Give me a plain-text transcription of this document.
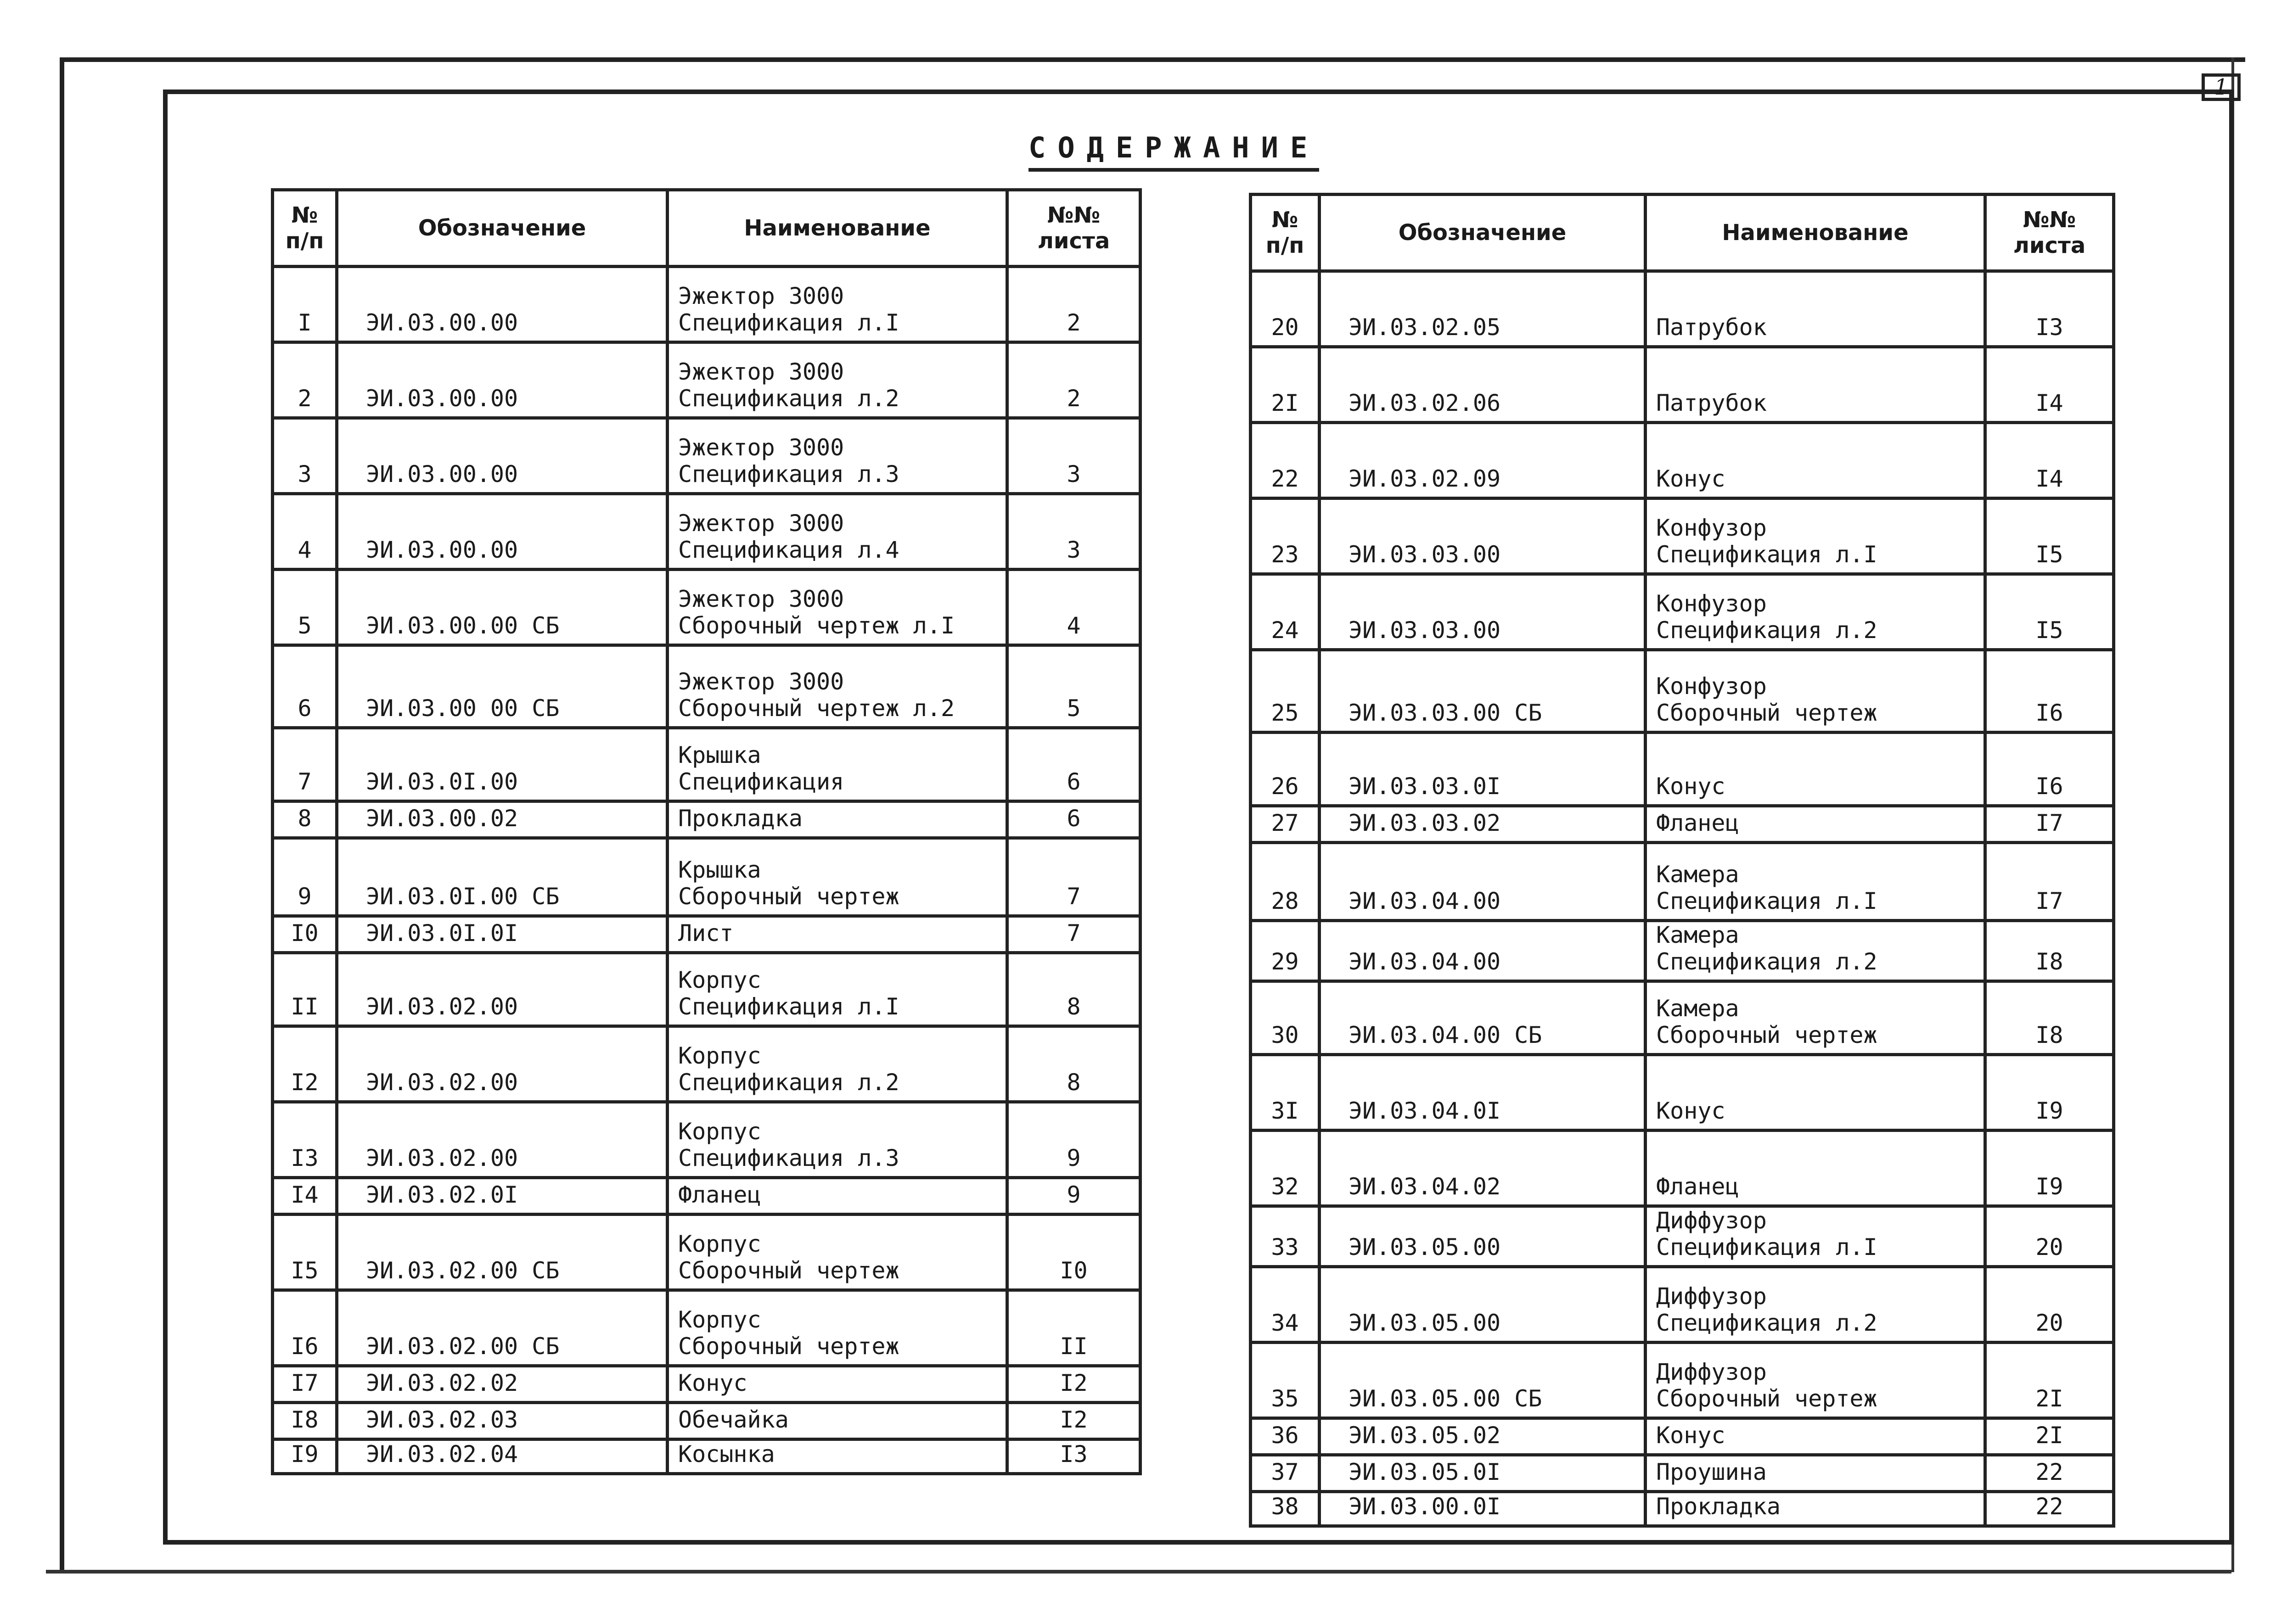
1
СОДЕРЖАНИЕ
№ п/п	Обозначение	Наименование	№№ листа
I	ЭИ.03.00.00	Эжектор 3000
Спецификация л.I	2
2	ЭИ.03.00.00	Эжектор 3000
Спецификация л.2	2
3	ЭИ.03.00.00	Эжектор 3000
Спецификация л.3	3
4	ЭИ.03.00.00	Эжектор 3000
Спецификация л.4	3
5	ЭИ.03.00.00 СБ	Эжектор 3000
Сборочный чертеж л.I	4
6	ЭИ.03.00 00 СБ	Эжектор 3000
Сборочный чертеж л.2	5
7	ЭИ.03.0I.00	Крышка
Спецификация	6
8	ЭИ.03.00.02	Прокладка	6
9	ЭИ.03.0I.00 СБ	Крышка
Сборочный чертеж	7
I0	ЭИ.03.0I.0I	Лист	7
II	ЭИ.03.02.00	Корпус
Спецификация л.I	8
I2	ЭИ.03.02.00	Корпус
Спецификация л.2	8
I3	ЭИ.03.02.00	Корпус
Спецификация л.3	9
I4	ЭИ.03.02.0I	Фланец	9
I5	ЭИ.03.02.00 СБ	Корпус
Сборочный чертеж	I0
I6	ЭИ.03.02.00 СБ	Корпус
Сборочный чертеж	II
I7	ЭИ.03.02.02	Конус	I2
I8	ЭИ.03.02.03	Обечайка	I2
I9	ЭИ.03.02.04	Косынка	I3
№ п/п	Обозначение	Наименование	№№ листа
20	ЭИ.03.02.05	Патрубок	I3
2I	ЭИ.03.02.06	Патрубок	I4
22	ЭИ.03.02.09	Конус	I4
23	ЭИ.03.03.00	Конфузор
Спецификация л.I	I5
24	ЭИ.03.03.00	Конфузор
Спецификация л.2	I5
25	ЭИ.03.03.00 СБ	Конфузор
Сборочный чертеж	I6
26	ЭИ.03.03.0I	Конус	I6
27	ЭИ.03.03.02	Фланец	I7
28	ЭИ.03.04.00	Камера
Спецификация л.I	I7
29	ЭИ.03.04.00	Камера
Спецификация л.2	I8
30	ЭИ.03.04.00 СБ	Камера
Сборочный чертеж	I8
3I	ЭИ.03.04.0I	Конус	I9
32	ЭИ.03.04.02	Фланец	I9
33	ЭИ.03.05.00	Диффузор
Спецификация л.I	20
34	ЭИ.03.05.00	Диффузор
Спецификация л.2	20
35	ЭИ.03.05.00 СБ	Диффузор
Сборочный чертеж	2I
36	ЭИ.03.05.02	Конус	2I
37	ЭИ.03.05.0I	Проушина	22
38	ЭИ.03.00.0I	Прокладка	22
